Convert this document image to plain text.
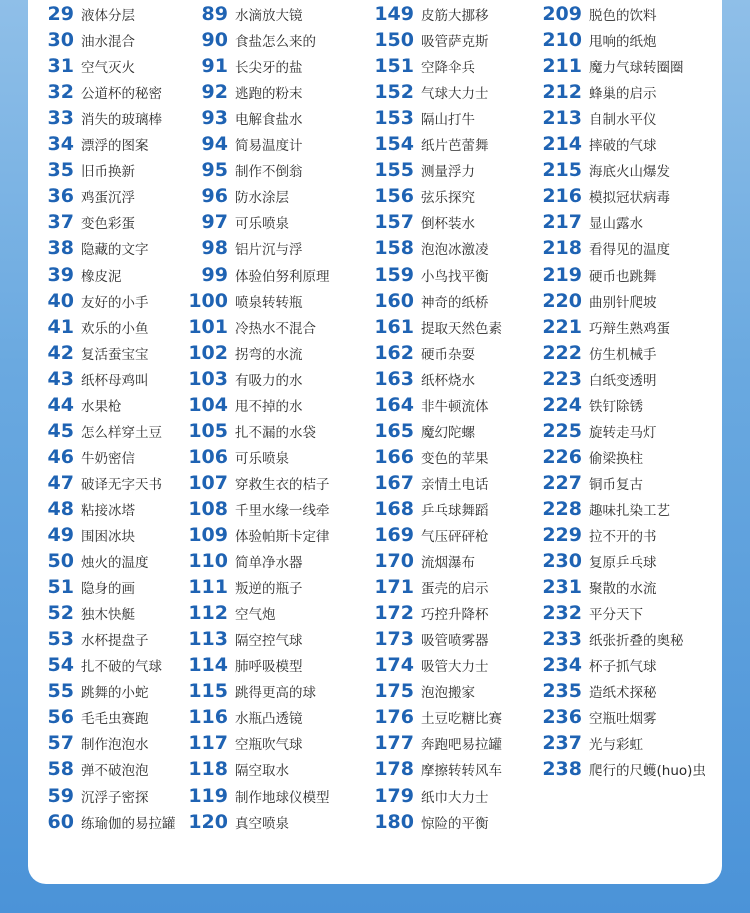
29 液体分层
30 油水混合
31 空气灭火
32 公道杯的秘密
33 消失的玻璃棒
34 漂浮的图案
35 旧币换新
36 鸡蛋沉浮
37 变色彩蛋
38 隐藏的文字
39 橡皮泥
40 友好的小手
41 欢乐的小鱼
42 复活蚕宝宝
43 纸杯母鸡叫
44 水果枪
45 怎么样穿土豆
46 牛奶密信
47 破译无字天书
48 粘接冰塔
49 围困冰块
50 烛火的温度
51 隐身的画
52 独木快艇
53 水杯提盘子
54 扎不破的气球
55 跳舞的小蛇
56 毛毛虫赛跑
57 制作泡泡水
58 弹不破泡泡
59 沉浮子密探
60 练瑜伽的易拉罐
89 水滴放大镜
90 食盐怎么来的
91 长尖牙的盐
92 逃跑的粉末
93 电解食盐水
94 简易温度计
95 制作不倒翁
96 防水涂层
97 可乐喷泉
98 铝片沉与浮
99 体验伯努利原理
100 喷泉转转瓶
101 冷热水不混合
102 拐弯的水流
103 有吸力的水
104 甩不掉的水
105 扎不漏的水袋
106 可乐喷泉
107 穿救生衣的桔子
108 千里水缘一线牵
109 体验帕斯卡定律
110 简单净水器
111 叛逆的瓶子
112 空气炮
113 隔空控气球
114 肺呼吸模型
115 跳得更高的球
116 水瓶凸透镜
117 空瓶吹气球
118 隔空取水
119 制作地球仪模型
120 真空喷泉
149 皮筋大挪移
150 吸管萨克斯
151 空降伞兵
152 气球大力士
153 隔山打牛
154 纸片芭蕾舞
155 测量浮力
156 弦乐探究
157 倒杯装水
158 泡泡冰激凌
159 小鸟找平衡
160 神奇的纸桥
161 提取天然色素
162 硬币杂耍
163 纸杯烧水
164 非牛顿流体
165 魔幻陀螺
166 变色的苹果
167 亲情土电话
168 乒乓球舞蹈
169 气压砰砰枪
170 流烟瀑布
171 蛋壳的启示
172 巧控升降杯
173 吸管喷雾器
174 吸管大力士
175 泡泡搬家
176 土豆吃糖比赛
177 奔跑吧易拉罐
178 摩擦转转风车
179 纸巾大力士
180 惊险的平衡
209 脱色的饮料
210 甩响的纸炮
211 魔力气球转圈圈
212 蜂巢的启示
213 自制水平仪
214 摔破的气球
215 海底火山爆发
216 模拟冠状病毒
217 显山露水
218 看得见的温度
219 硬币也跳舞
220 曲别针爬坡
221 巧辩生熟鸡蛋
222 仿生机械手
223 白纸变透明
224 铁钉除锈
225 旋转走马灯
226 偷梁换柱
227 铜币复古
228 趣味扎染工艺
229 拉不开的书
230 复原乒乓球
231 聚散的水流
232 平分天下
233 纸张折叠的奥秘
234 杯子抓气球
235 造纸术探秘
236 空瓶吐烟雾
237 光与彩虹
238 爬行的尺蠖(huo)虫
